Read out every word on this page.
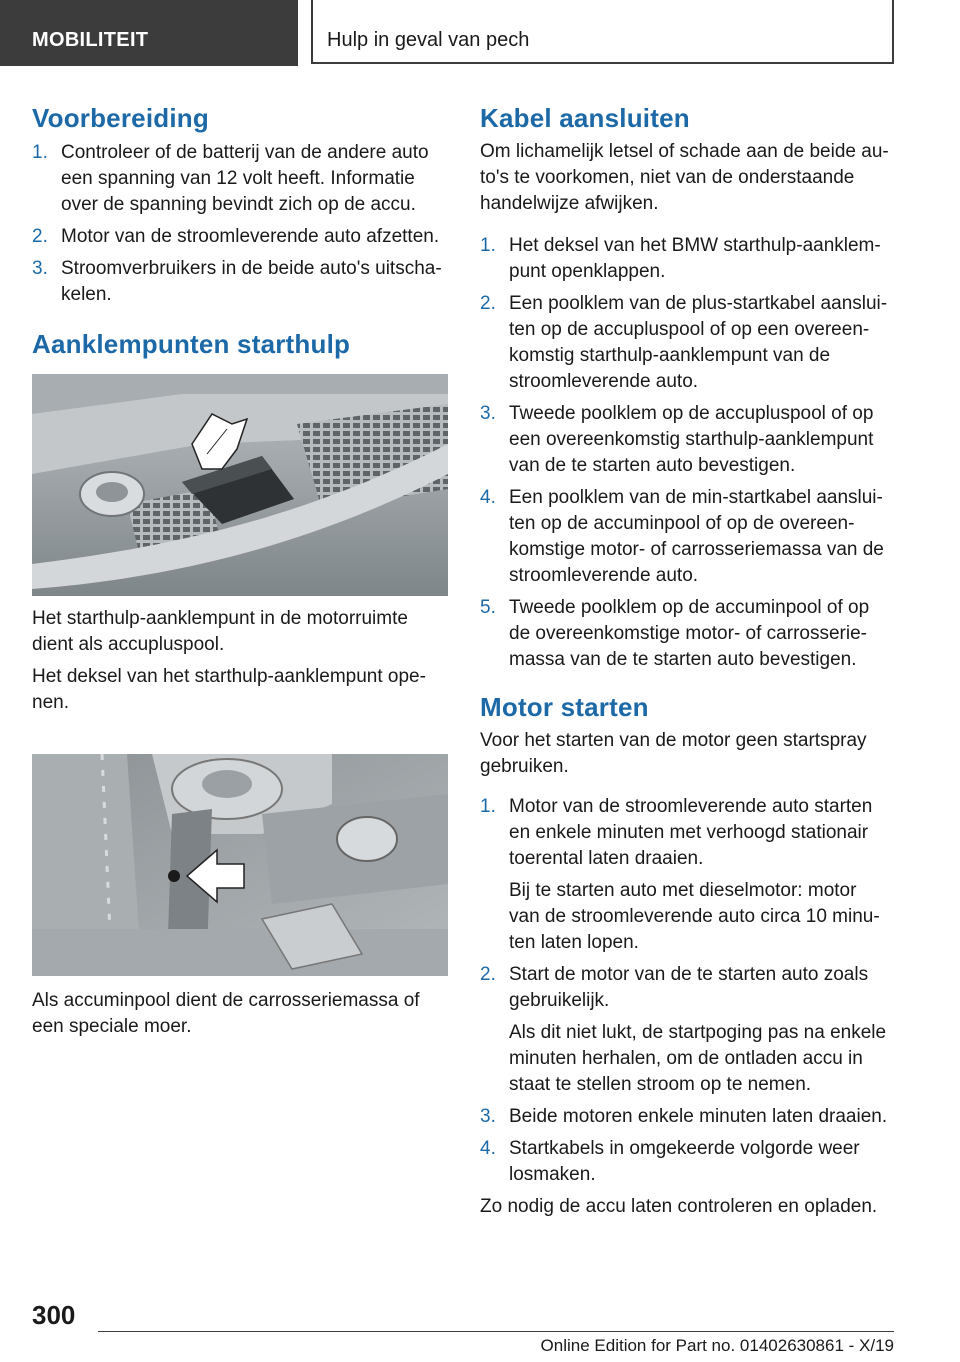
MOBILITEIT	Hulp in geval van pech
Voorbereiding
1. Controleer of de batterij van de andere auto een spanning van 12 volt heeft. Informatie over de spanning bevindt zich op de accu.
2. Motor van de stroomleverende auto afzetten.
3. Stroomverbruikers in de beide auto's uitschakelen.
Aanklempunten starthulp

Het starthulp-aanklempunt in de motorruimte dient als accupluspool.

Het deksel van het starthulp-aanklempunt openen.

Als accuminpool dient de carrosseriemassa of een speciale moer.

Kabel aansluiten

Om lichamelijk letsel of schade aan de beide auto's te voorkomen, niet van de onderstaande handelwijze afwijken.

1. Het deksel van het BMW starthulp-aanklempunt openklappen.
2. Een poolklem van de plus-startkabel aansluiten op de accupluspool of op een overeenkomstig starthulp-aanklempunt van de stroomleverende auto.
3. Tweede poolklem op de accupluspool of op een overeenkomstig starthulp-aanklempunt van de te starten auto bevestigen.
4. Een poolklem van de min-startkabel aansluiten op de accuminpool of op de overeenkomstige motor- of carrosseriemassa van de stroomleverende auto.
5. Tweede poolklem op de accuminpool of op de overeenkomstige motor- of carrosseriemassa van de te starten auto bevestigen.
Motor starten

Voor het starten van de motor geen startspray gebruiken.

1. Motor van de stroomleverende auto starten en enkele minuten met verhoogd stationair toerental laten draaien.

Bij te starten auto met dieselmotor: motor van de stroomleverende auto circa 10 minuten laten lopen.

2. Start de motor van de te starten auto zoals gebruikelijk.

Als dit niet lukt, de startpoging pas na enkele minuten herhalen, om de ontladen accu in staat te stellen stroom op te nemen.

3. Beide motoren enkele minuten laten draaien.
4. Startkabels in omgekeerde volgorde weer losmaken.

Zo nodig de accu laten controleren en opladen.

300
Online Edition for Part no. 01402630861 - X/19
